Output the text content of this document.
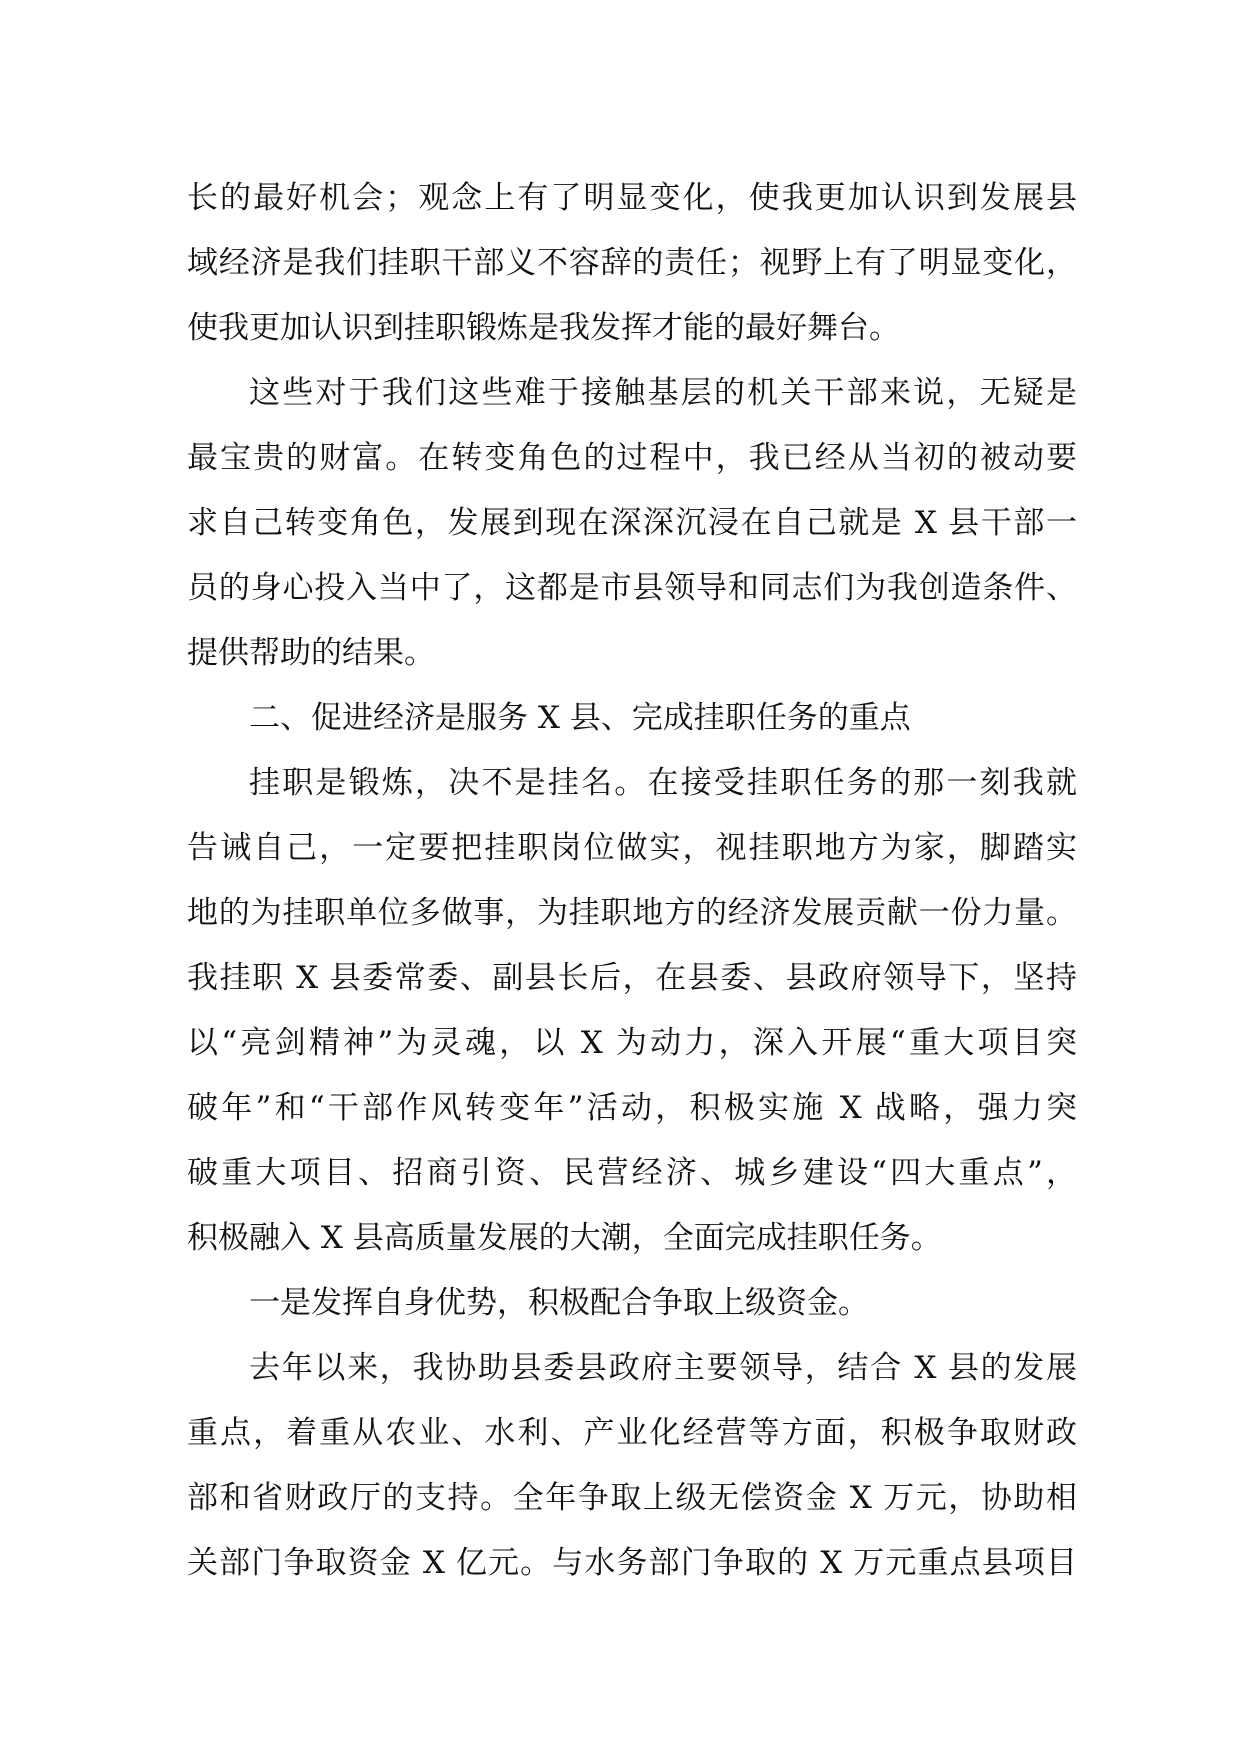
长的最好机会；观念上有了明显变化，使我更加认识到发展县
域经济是我们挂职干部义不容辞的责任；视野上有了明显变化，
使我更加认识到挂职锻炼是我发挥才能的最好舞台。
这些对于我们这些难于接触基层的机关干部来说，无疑是
最宝贵的财富。在转变角色的过程中，我已经从当初的被动要
求自己转变角色，发展到现在深深沉浸在自己就是 X 县干部一
员的身心投入当中了，这都是市县领导和同志们为我创造条件、
提供帮助的结果。
二、促进经济是服务 X 县、完成挂职任务的重点
挂职是锻炼，决不是挂名。在接受挂职任务的那一刻我就
告诫自己，一定要把挂职岗位做实，视挂职地方为家，脚踏实
地的为挂职单位多做事，为挂职地方的经济发展贡献一份力量。
我挂职 X 县委常委、副县长后，在县委、县政府领导下，坚持
以“亮剑精神”为灵魂，以 X 为动力，深入开展“重大项目突
破年”和“干部作风转变年”活动，积极实施 X 战略，强力突
破重大项目、招商引资、民营经济、城乡建设“四大重点”，
积极融入 X 县高质量发展的大潮，全面完成挂职任务。
一是发挥自身优势，积极配合争取上级资金。
去年以来，我协助县委县政府主要领导，结合 X 县的发展
重点，着重从农业、水利、产业化经营等方面，积极争取财政
部和省财政厅的支持。全年争取上级无偿资金 X 万元，协助相
关部门争取资金 X 亿元。与水务部门争取的 X 万元重点县项目
